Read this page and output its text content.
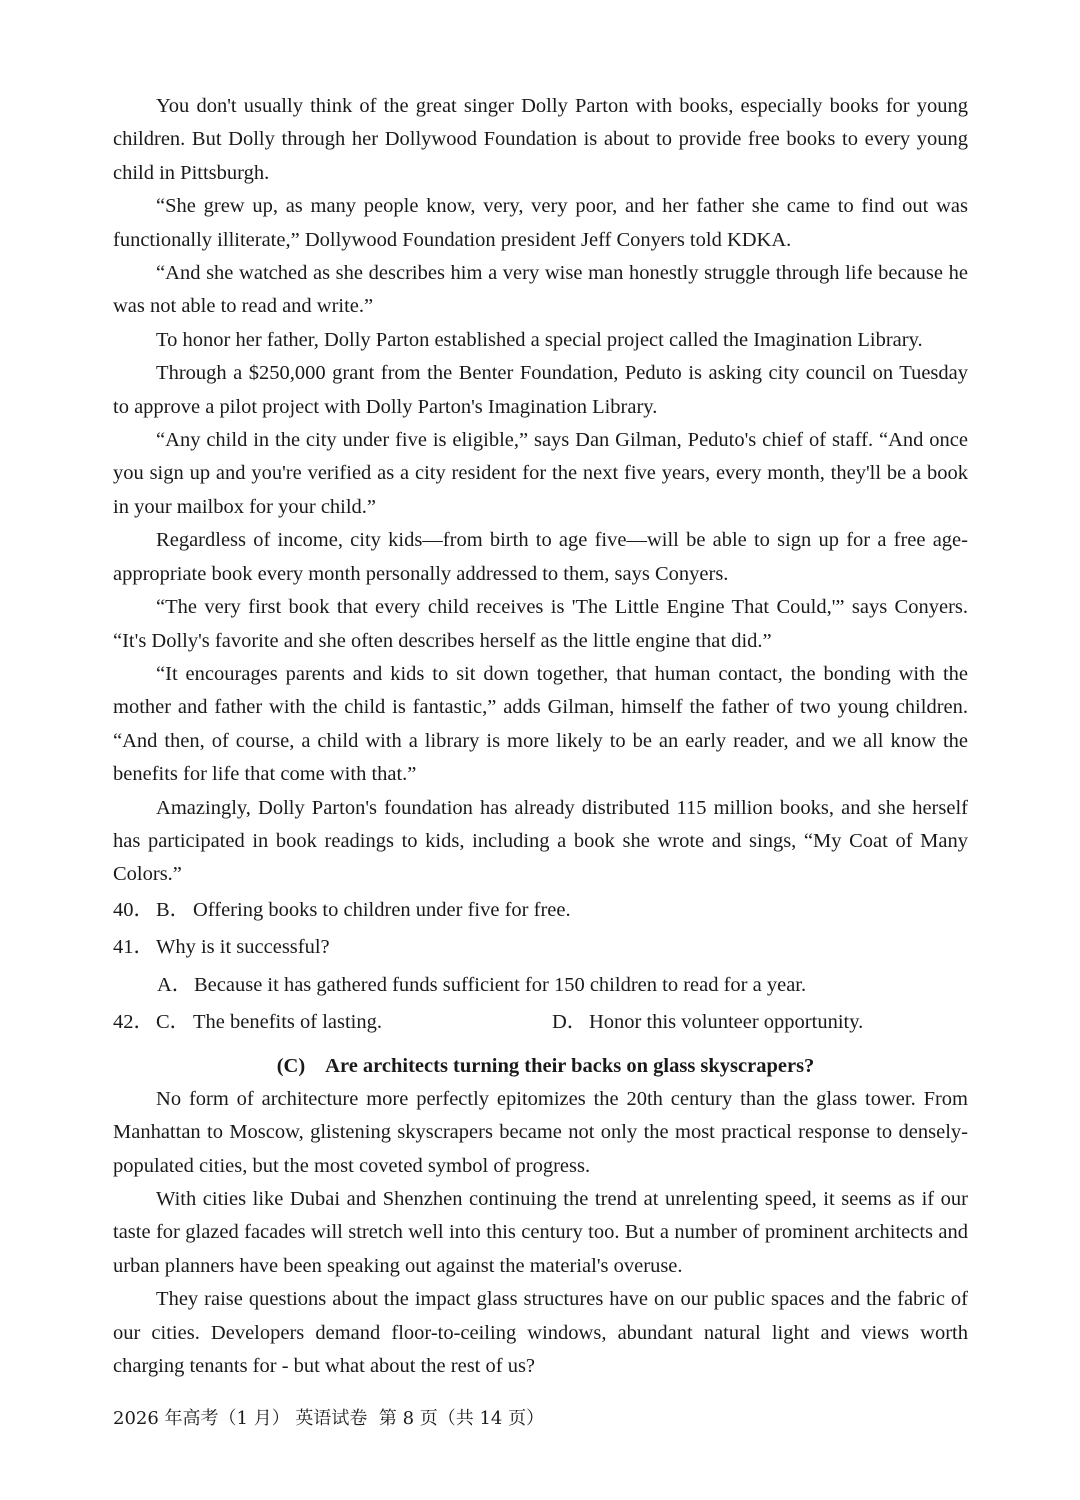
You don't usually think of the great singer Dolly Parton with books, especially books for young children. But Dolly through her Dollywood Foundation is about to provide free books to every young child in Pittsburgh.

“She grew up, as many people know, very, very poor, and her father she came to find out was functionally illiterate,” Dollywood Foundation president Jeff Conyers told KDKA.

“And she watched as she describes him a very wise man honestly struggle through life because he was not able to read and write.”

To honor her father, Dolly Parton established a special project called the Imagination Library.

Through a $250,000 grant from the Benter Foundation, Peduto is asking city council on Tuesday to approve a pilot project with Dolly Parton's Imagination Library.

“Any child in the city under five is eligible,” says Dan Gilman, Peduto's chief of staff. “And once you sign up and you're verified as a city resident for the next five years, every month, they'll be a book in your mailbox for your child.”

Regardless of income, city kids—from birth to age five—will be able to sign up for a free age-appropriate book every month personally addressed to them, says Conyers.

“The very first book that every child receives is 'The Little Engine That Could,'” says Conyers. “It's Dolly's favorite and she often describes herself as the little engine that did.”

“It encourages parents and kids to sit down together, that human contact, the bonding with the mother and father with the child is fantastic,” adds Gilman, himself the father of two young children. “And then, of course, a child with a library is more likely to be an early reader, and we all know the benefits for life that come with that.”

Amazingly, Dolly Parton's foundation has already distributed 115 million books, and she herself has participated in book readings to kids, including a book she wrote and sings, “My Coat of Many Colors.”

40．B． Offering books to children under five for free.
41．Why is it successful?
A．Because it has gathered funds sufficient for 150 children to read for a year.
42．C． The benefits of lasting.	D．Honor this volunteer opportunity.
(C) Are architects turning their backs on glass skyscrapers?

No form of architecture more perfectly epitomizes the 20th century than the glass tower. From Manhattan to Moscow, glistening skyscrapers became not only the most practical response to densely-populated cities, but the most coveted symbol of progress.

With cities like Dubai and Shenzhen continuing the trend at unrelenting speed, it seems as if our taste for glazed facades will stretch well into this century too. But a number of prominent architects and urban planners have been speaking out against the material's overuse.

They raise questions about the impact glass structures have on our public spaces and the fabric of our cities. Developers demand floor-to-ceiling windows, abundant natural light and views worth charging tenants for - but what about the rest of us?

2026 年高考（1 月） 英语试卷  第 8 页（共 14 页）
